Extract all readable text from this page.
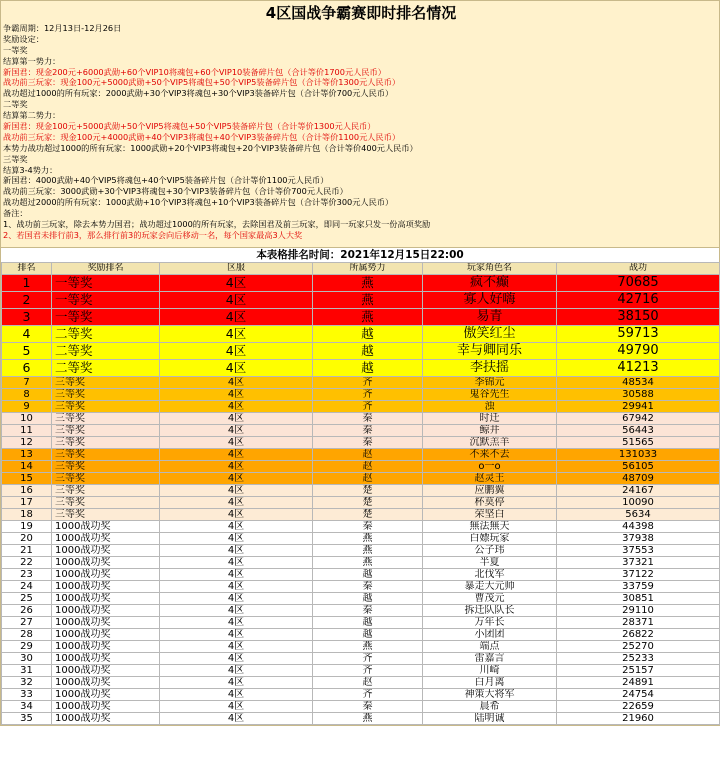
4区国战争霸赛即时排名情况
争霸周期：12月13日-12月26日
奖励设定：
一等奖
结算第一势力：
新国君：现金200元+6000武勋+60个VIP10将魂包+60个VIP10装备碎片包（合计等价1700元人民币）
战功前三玩家：现金100元+5000武勋+50个VIP5将魂包+50个VIP5装备碎片包（合计等价1300元人民币）
战功超过1000的所有玩家：2000武勋+30个VIP3将魂包+30个VIP3装备碎片包（合计等价700元人民币）
二等奖
结算第二势力：
新国君：现金100元+5000武勋+50个VIP5将魂包+50个VIP5装备碎片包（合计等价1300元人民币）
战功前三玩家：现金100元+4000武勋+40个VIP3将魂包+40个VIP3装备碎片包（合计等价1100元人民币）
本势力战功超过1000的所有玩家：1000武勋+20个VIP3将魂包+20个VIP3装备碎片包（合计等价400元人民币）
三等奖
结算3-4势力：
新国君：4000武勋+40个VIP5将魂包+40个VIP5装备碎片包（合计等价1100元人民币）
战功前三玩家：3000武勋+30个VIP3将魂包+30个VIP3装备碎片包（合计等价700元人民币）
战功超过2000的所有玩家：1000武勋+10个VIP3将魂包+10个VIP3装备碎片包（合计等价300元人民币）
备注：
1、战功前三玩家，除去本势力国君；战功超过1000的所有玩家，去除国君及前三玩家，即同一玩家只发一份高项奖励
2、若国君未排行前3，那么排行前3的玩家会向后移动一名，每个国家最高3人大奖
本表格排名时间：2021年12月15日22:00
排名	奖励排名	区服	所属势力	玩家角色名	战功
1	一等奖	4区	燕	疯不癫	70685
2	一等奖	4区	燕	寡人好嗨	42716
3	一等奖	4区	燕	易青	38150
4	二等奖	4区	越	傲笑红尘	59713
5	二等奖	4区	越	幸与卿同乐	49790
6	二等奖	4区	越	李扶摇	41213
7	三等奖	4区	齐	李锦元	48534
8	三等奖	4区	齐	鬼谷先生	30588
9	三等奖	4区	齐	浊	29941
10	三等奖	4区	秦	时迁	67942
11	三等奖	4区	秦	鲸井	56443
12	三等奖	4区	秦	沉默羔羊	51565
13	三等奖	4区	赵	不来不去	131033
14	三等奖	4区	赵	o一o	56105
15	三等奖	4区	赵	赵灵王	48709
16	三等奖	4区	楚	应鹏翼	24167
17	三等奖	4区	楚	杯莫停	10090
18	三等奖	4区	楚	荣坚白	5634
19	1000战功奖	4区	秦	無法無天	44398
20	1000战功奖	4区	燕	白嫖玩家	37938
21	1000战功奖	4区	燕	公子玮	37553
22	1000战功奖	4区	燕	半夏	37321
23	1000战功奖	4区	越	北伐军	37122
24	1000战功奖	4区	秦	暴走大元帅	33759
25	1000战功奖	4区	越	曹茂元	30851
26	1000战功奖	4区	秦	拆迁队队长	29110
27	1000战功奖	4区	越	万年长	28371
28	1000战功奖	4区	越	小团团	26822
29	1000战功奖	4区	燕	端点	25270
30	1000战功奖	4区	齐	雷嘉言	25233
31	1000战功奖	4区	齐	川崎	25157
32	1000战功奖	4区	赵	白月离	24891
33	1000战功奖	4区	齐	神策大将军	24754
34	1000战功奖	4区	秦	晨希	22659
35	1000战功奖	4区	燕	陆明诚	21960
